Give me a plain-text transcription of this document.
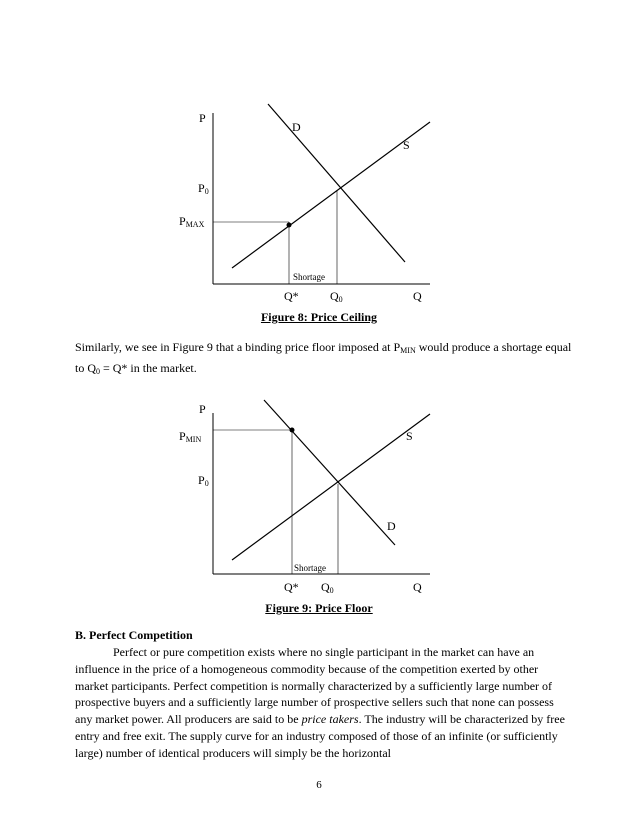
P
D
S
$P_0$
$P_{MAX}$
Shortage
Q*	$Q_0$	Q
Figure 8: Price Ceiling
Similarly, we see in Figure 9 that a binding price floor imposed at $P_{MIN}$ would produce a shortage equal to $Q_0 = Q*$ in the market.
P
$P_{MIN}$	S
$P_0$
D
Shortage
Q* $Q_0$	Q
Figure 9: Price Floor
B. Perfect Competition
Perfect or pure competition exists where no single participant in the market can have an influence in the price of a homogeneous commodity because of the competition exerted by other market participants. Perfect competition is normally characterized by a sufficiently large number of prospective buyers and a sufficiently large number of prospective sellers such that none can possess any market power. All producers are said to be price takers. The industry will be characterized by free entry and free exit. The supply curve for an industry composed of those of an infinite (or sufficiently large) number of identical producers will simply be the horizontal
6
